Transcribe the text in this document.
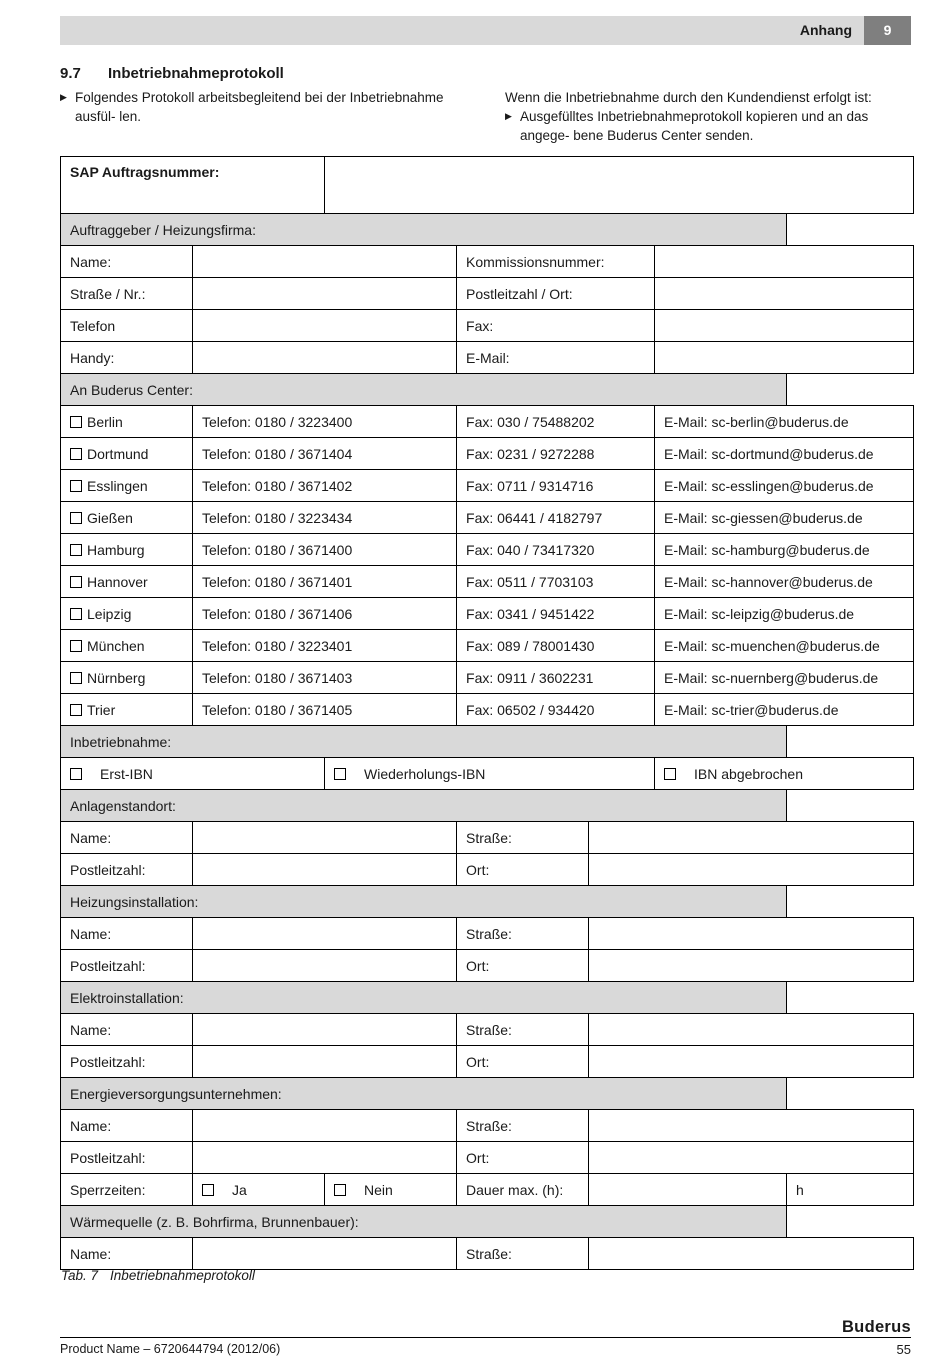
Anhang	9
9.7 Inbetriebnahmeprotokoll
▶ Folgendes Protokoll arbeitsbegleitend bei der Inbetriebnahme ausfül- len.
Wenn die Inbetriebnahme durch den Kundendienst erfolgt ist:
▶ Ausgefülltes Inbetriebnahmeprotokoll kopieren und an das angege- bene Buderus Center senden.
SAP Auftragsnummer:						
Auftraggeber / Heizungsfirma:						
Name:			Kommissionsnummer:			
Straße / Nr.:			Postleitzahl / Ort:			
Telefon			Fax:			
Handy:			E-Mail:			
An Buderus Center:						
Berlin	Telefon: 0180 / 3223400		Fax: 030 / 75488202		E-Mail: sc-berlin@buderus.de	
Dortmund	Telefon: 0180 / 3671404		Fax: 0231 / 9272288		E-Mail: sc-dortmund@buderus.de	
Esslingen	Telefon: 0180 / 3671402		Fax: 0711 / 9314716		E-Mail: sc-esslingen@buderus.de	
Gießen	Telefon: 0180 / 3223434		Fax: 06441 / 4182797		E-Mail: sc-giessen@buderus.de	
Hamburg	Telefon: 0180 / 3671400		Fax: 040 / 73417320		E-Mail: sc-hamburg@buderus.de	
Hannover	Telefon: 0180 / 3671401		Fax: 0511 / 7703103		E-Mail: sc-hannover@buderus.de	
Leipzig	Telefon: 0180 / 3671406		Fax: 0341 / 9451422		E-Mail: sc-leipzig@buderus.de	
München	Telefon: 0180 / 3223401		Fax: 089 / 78001430		E-Mail: sc-muenchen@buderus.de	
Nürnberg	Telefon: 0180 / 3671403		Fax: 0911 / 3602231		E-Mail: sc-nuernberg@buderus.de	
Trier	Telefon: 0180 / 3671405		Fax: 06502 / 934420		E-Mail: sc-trier@buderus.de	
Inbetriebnahme:						
Erst-IBN		Wiederholungs-IBN			IBN abgebrochen	
Anlagenstandort:						
Name:			Straße:			
Postleitzahl:			Ort:			
Heizungsinstallation:						
Name:			Straße:			
Postleitzahl:			Ort:			
Elektroinstallation:						
Name:			Straße:			
Postleitzahl:			Ort:			
Energieversorgungsunternehmen:						
Name:			Straße:			
Postleitzahl:			Ort:			
Sperrzeiten:	Ja	Nein	Dauer max. (h):			h
Wärmequelle (z. B. Bohrfirma, Brunnenbauer):						
Name:			Straße:			
Tab. 7 Inbetriebnahmeprotokoll
Buderus
Product Name – 6720644794 (2012/06)	55
